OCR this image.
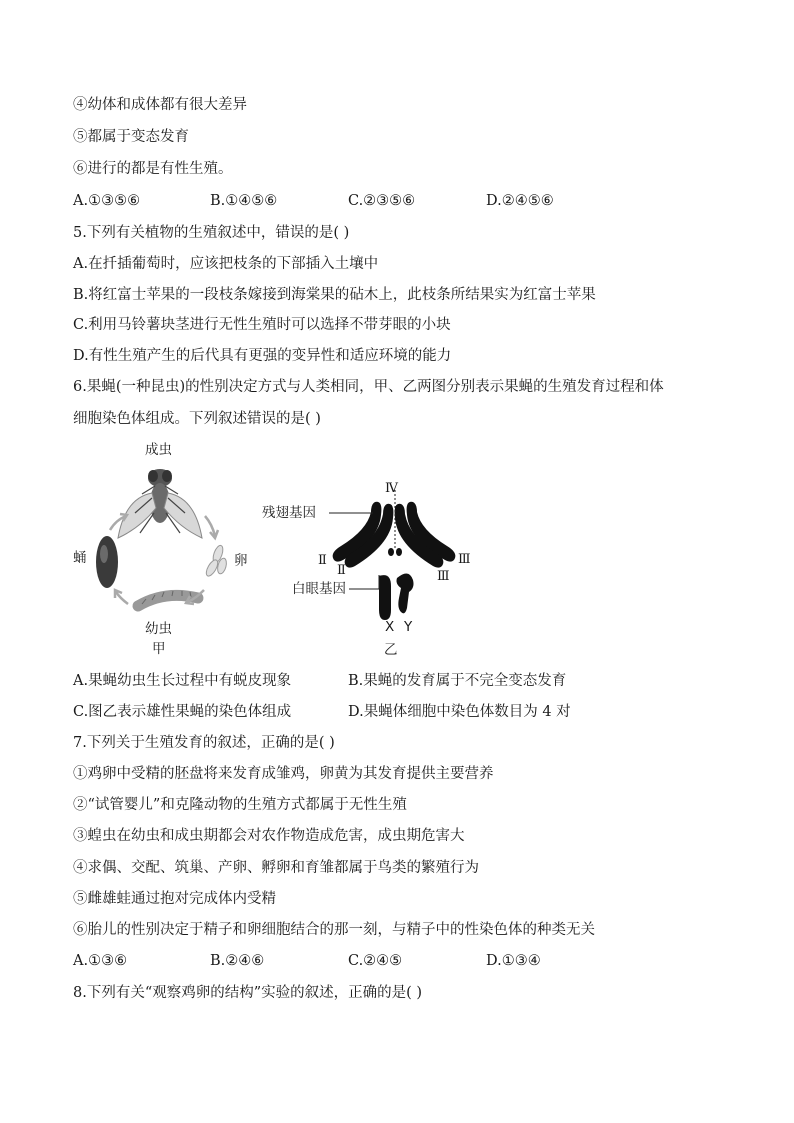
④幼体和成体都有很大差异
⑤都属于变态发育
⑥进行的都是有性生殖。
A.①③⑤⑥	B.①④⑤⑥	C.②③⑤⑥	D.②④⑤⑥
5.下列有关植物的生殖叙述中，错误的是( )
A.在扦插葡萄时，应该把枝条的下部插入土壤中
B.将红富士苹果的一段枝条嫁接到海棠果的砧木上，此枝条所结果实为红富士苹果
C.利用马铃薯块茎进行无性生殖时可以选择不带芽眼的小块
D.有性生殖产生的后代具有更强的变异性和适应环境的能力
6.果蝇(一种昆虫)的性别决定方式与人类相同，甲、乙两图分别表示果蝇的生殖发育过程和体
细胞染色体组成。下列叙述错误的是( )
成虫
蛹	卵
幼虫
甲
残翅基因
白眼基因
Ⅳ
Ⅱ
Ⅱ
Ⅲ
Ⅲ
X Y
乙
A.果蝇幼虫生长过程中有蜕皮现象	B.果蝇的发育属于不完全变态发育
C.图乙表示雄性果蝇的染色体组成	D.果蝇体细胞中染色体数目为 4 对
7.下列关于生殖发育的叙述，正确的是( )
①鸡卵中受精的胚盘将来发育成雏鸡，卵黄为其发育提供主要营养
②“试管婴儿”和克隆动物的生殖方式都属于无性生殖
③蝗虫在幼虫和成虫期都会对农作物造成危害，成虫期危害大
④求偶、交配、筑巢、产卵、孵卵和育雏都属于鸟类的繁殖行为
⑤雌雄蛙通过抱对完成体内受精
⑥胎儿的性别决定于精子和卵细胞结合的那一刻，与精子中的性染色体的种类无关
A.①③⑥	B.②④⑥	C.②④⑤	D.①③④
8.下列有关“观察鸡卵的结构”实验的叙述，正确的是( )
